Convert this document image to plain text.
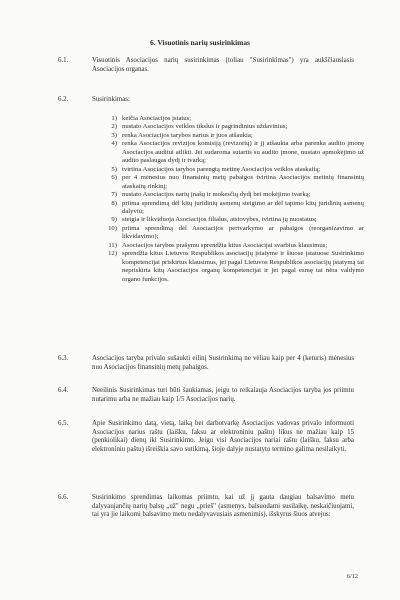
6. Visuotinis narių susirinkimas
6.1.	Visuotinis Asociacijos narių susirinkimas (toliau "Susirinkimas") yra aukščiausiasis Asociacijos organas.
6.2.	Susirinkimas:
1) keičia Asociacijos įstatus;
2) nustato Asociacijos veiklos tikslus ir pagrindinius uždavinius;
3) renka Asociacijos tarybos narius ir juos atšaukia;
4) renka Asociacijos revizijos komisiją (revizorių) ir jį atšaukia arba parenka audito įmonę Asociacijos auditui atlikti. Jei sudaroma sutartis su audito įmone, nustato apmokėjimo už audito paslaugas dydį ir tvarką;
5) tvirtina Asociacijos tarybos parengtą metinę Asociacijos veiklos ataskaitą;
6) per 4 mėnesius nuo finansinių metų pabaigos tvirtina Asociacijos metinių finansinių ataskaitų rinkinį;
7) nustato Asociacijos narių įnašų ir mokesčių dydį bei mokėjimo tvarką;
8) priima sprendimą dėl kitų juridinių asmenų steigimo ar dėl tapimo kitų juridinių asmenų dalyviu;
9) steigia ir likviduoja Asociacijos filialus, atstovybes, tvirtina jų nuostatus;
10) priima sprendimą dėl Asociacijos pertvarkymo ar pabaigos (reorganizavimo ar likvidavimo);
11) Asociacijos tarybos prašymu sprendžia kitus Asociacijai svarbius klausimus;
12) sprendžia kitus Lietuvos Respublikos asociacijų įstatyme ir šiuose įstatuose Susirinkimo kompetencijai priskirtus klausimus, jei pagal Lietuvos Respublikos asociacijų įstatymą tai nepriskirta kitų Asociacijos organų kompetencijai ir jei pagal esmę tai nėra valdymo organo funkcijos.
6.3.	Asociacijos taryba privalo sušaukti eilinį Susirinkimą ne vėliau kaip per 4 (keturis) mėnesius nuo Asociacijos finansinių metų pabaigos.
6.4.	Neeilinis Susirinkimas turi būti šaukiamas, jeigu to reikalauja Asociacijos taryba jos priimtu nutarimu arba ne mažiau kaip 1/5 Asociacijos narių.
6.5.	Apie Susirinkimo datą, vietą, laiką bei darbotvarkę Asociacijos vadovas privalo informuoti Asociacijos narius raštu (laišku, faksu ar elektroniniu paštu) likus ne mažiau kaip 15 (penkiolikai) dienų iki Susirinkimo. Jeigu visi Asociacijos nariai raštu (laišku, faksu arba elektroniniu paštu) išreiškia savo sutikimą, šioje dalyje nustatyto termino galima nesilaikyti.
6.6.	Susirinkimo sprendimas laikomas priimtu, kai už jį gauta daugiau balsavimo metu dalyvaujančių narių balsų „už" negu „prieš" (asmenys, balsuodami susilaikę, neskaičiuojami, tai yra jie laikomi balsavimo metu nedalyvavusiais asmenimis), išskyrus šiuos atvejus:
6/12
